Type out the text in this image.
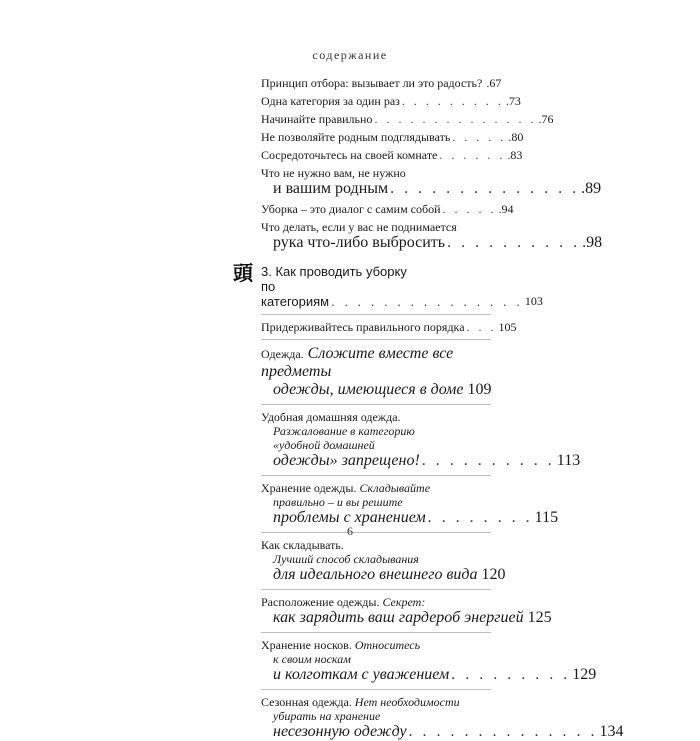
содержание
Принцип отбора: вызывает ли это радость? .67
Одна категория за один раз . . . . . . . . . .73
Начинайте правильно . . . . . . . . . . . . . . .76
Не позволяйте родным подглядывать . . . . . .80
Сосредоточьтесь на своей комнате . . . . . . .83
Что не нужно вам, не нужно
и вашим родным . . . . . . . . . . . . . . .89
Уборка – это диалог с самим собой . . . . . .94
Что делать, если у вас не поднимается
рука что-либо выбросить . . . . . . . . . . .98
頭 3. Как проводить уборку
по категориям . . . . . . . . . . . . . . . 103
Придерживайтесь правильного порядка . . . 105
Одежда. Сложите вместе все предметы
одежды, имеющиеся в доме 109
Удобная домашняя одежда.
Разжалование в категорию
«удобной домашней
одежды» запрещено! . . . . . . . . . . 113
Хранение одежды. Складывайте
правильно – и вы решите
проблемы с хранением . . . . . . . . 115
Как складывать.
Лучший способ складывания
для идеального внешнего вида 120
Расположение одежды. Секрет:
как зарядить ваш гардероб энергией 125
Хранение носков. Относитесь
к своим носкам
и колготкам с уважением . . . . . . . . . 129
Сезонная одежда. Нет необходимости
убирать на хранение
несезонную одежду . . . . . . . . . . . . . . 134
6
